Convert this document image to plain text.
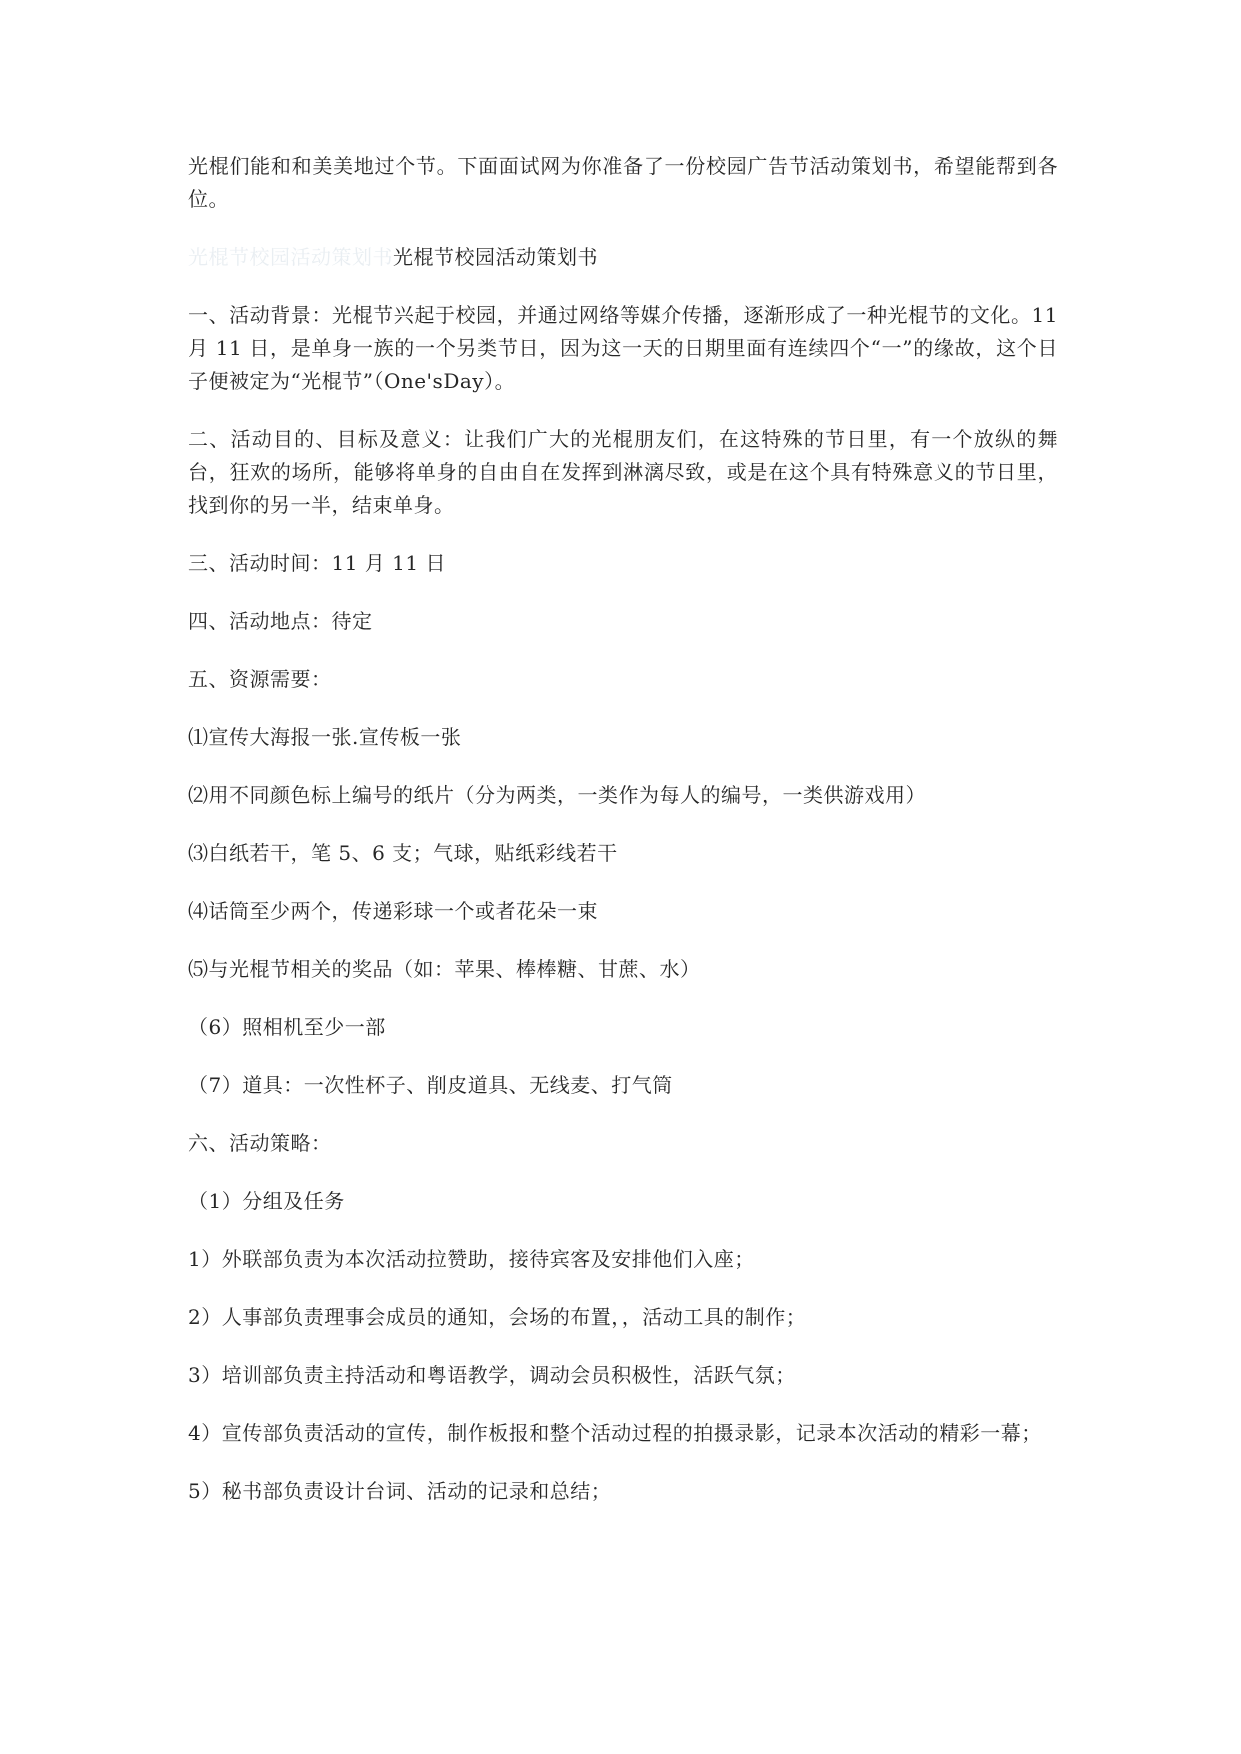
光棍们能和和美美地过个节。下面面试网为你准备了一份校园广告节活动策划书，希望能帮到各位。

光棍节校园活动策划书光棍节校园活动策划书

一、活动背景：光棍节兴起于校园，并通过网络等媒介传播，逐渐形成了一种光棍节的文化。11 月 11 日，是单身一族的一个另类节日，因为这一天的日期里面有连续四个“一”的缘故，这个日子便被定为“光棍节”（One'sDay）。

二、活动目的、目标及意义：让我们广大的光棍朋友们，在这特殊的节日里，有一个放纵的舞台，狂欢的场所，能够将单身的自由自在发挥到淋漓尽致，或是在这个具有特殊意义的节日里，找到你的另一半，结束单身。

三、活动时间：11 月 11 日

四、活动地点：待定

五、资源需要：

⑴宣传大海报一张.宣传板一张

⑵用不同颜色标上编号的纸片（分为两类，一类作为每人的编号，一类供游戏用）

⑶白纸若干，笔 5、6 支；气球，贴纸彩线若干

⑷话筒至少两个，传递彩球一个或者花朵一束

⑸与光棍节相关的奖品（如：苹果、棒棒糖、甘蔗、水）

（6）照相机至少一部

（7）道具：一次性杯子、削皮道具、无线麦、打气筒

六、活动策略：

（1）分组及任务

1）外联部负责为本次活动拉赞助，接待宾客及安排他们入座；

2）人事部负责理事会成员的通知，会场的布置，，活动工具的制作；

3）培训部负责主持活动和粤语教学，调动会员积极性，活跃气氛；

4）宣传部负责活动的宣传，制作板报和整个活动过程的拍摄录影，记录本次活动的精彩一幕；

5）秘书部负责设计台词、活动的记录和总结；
